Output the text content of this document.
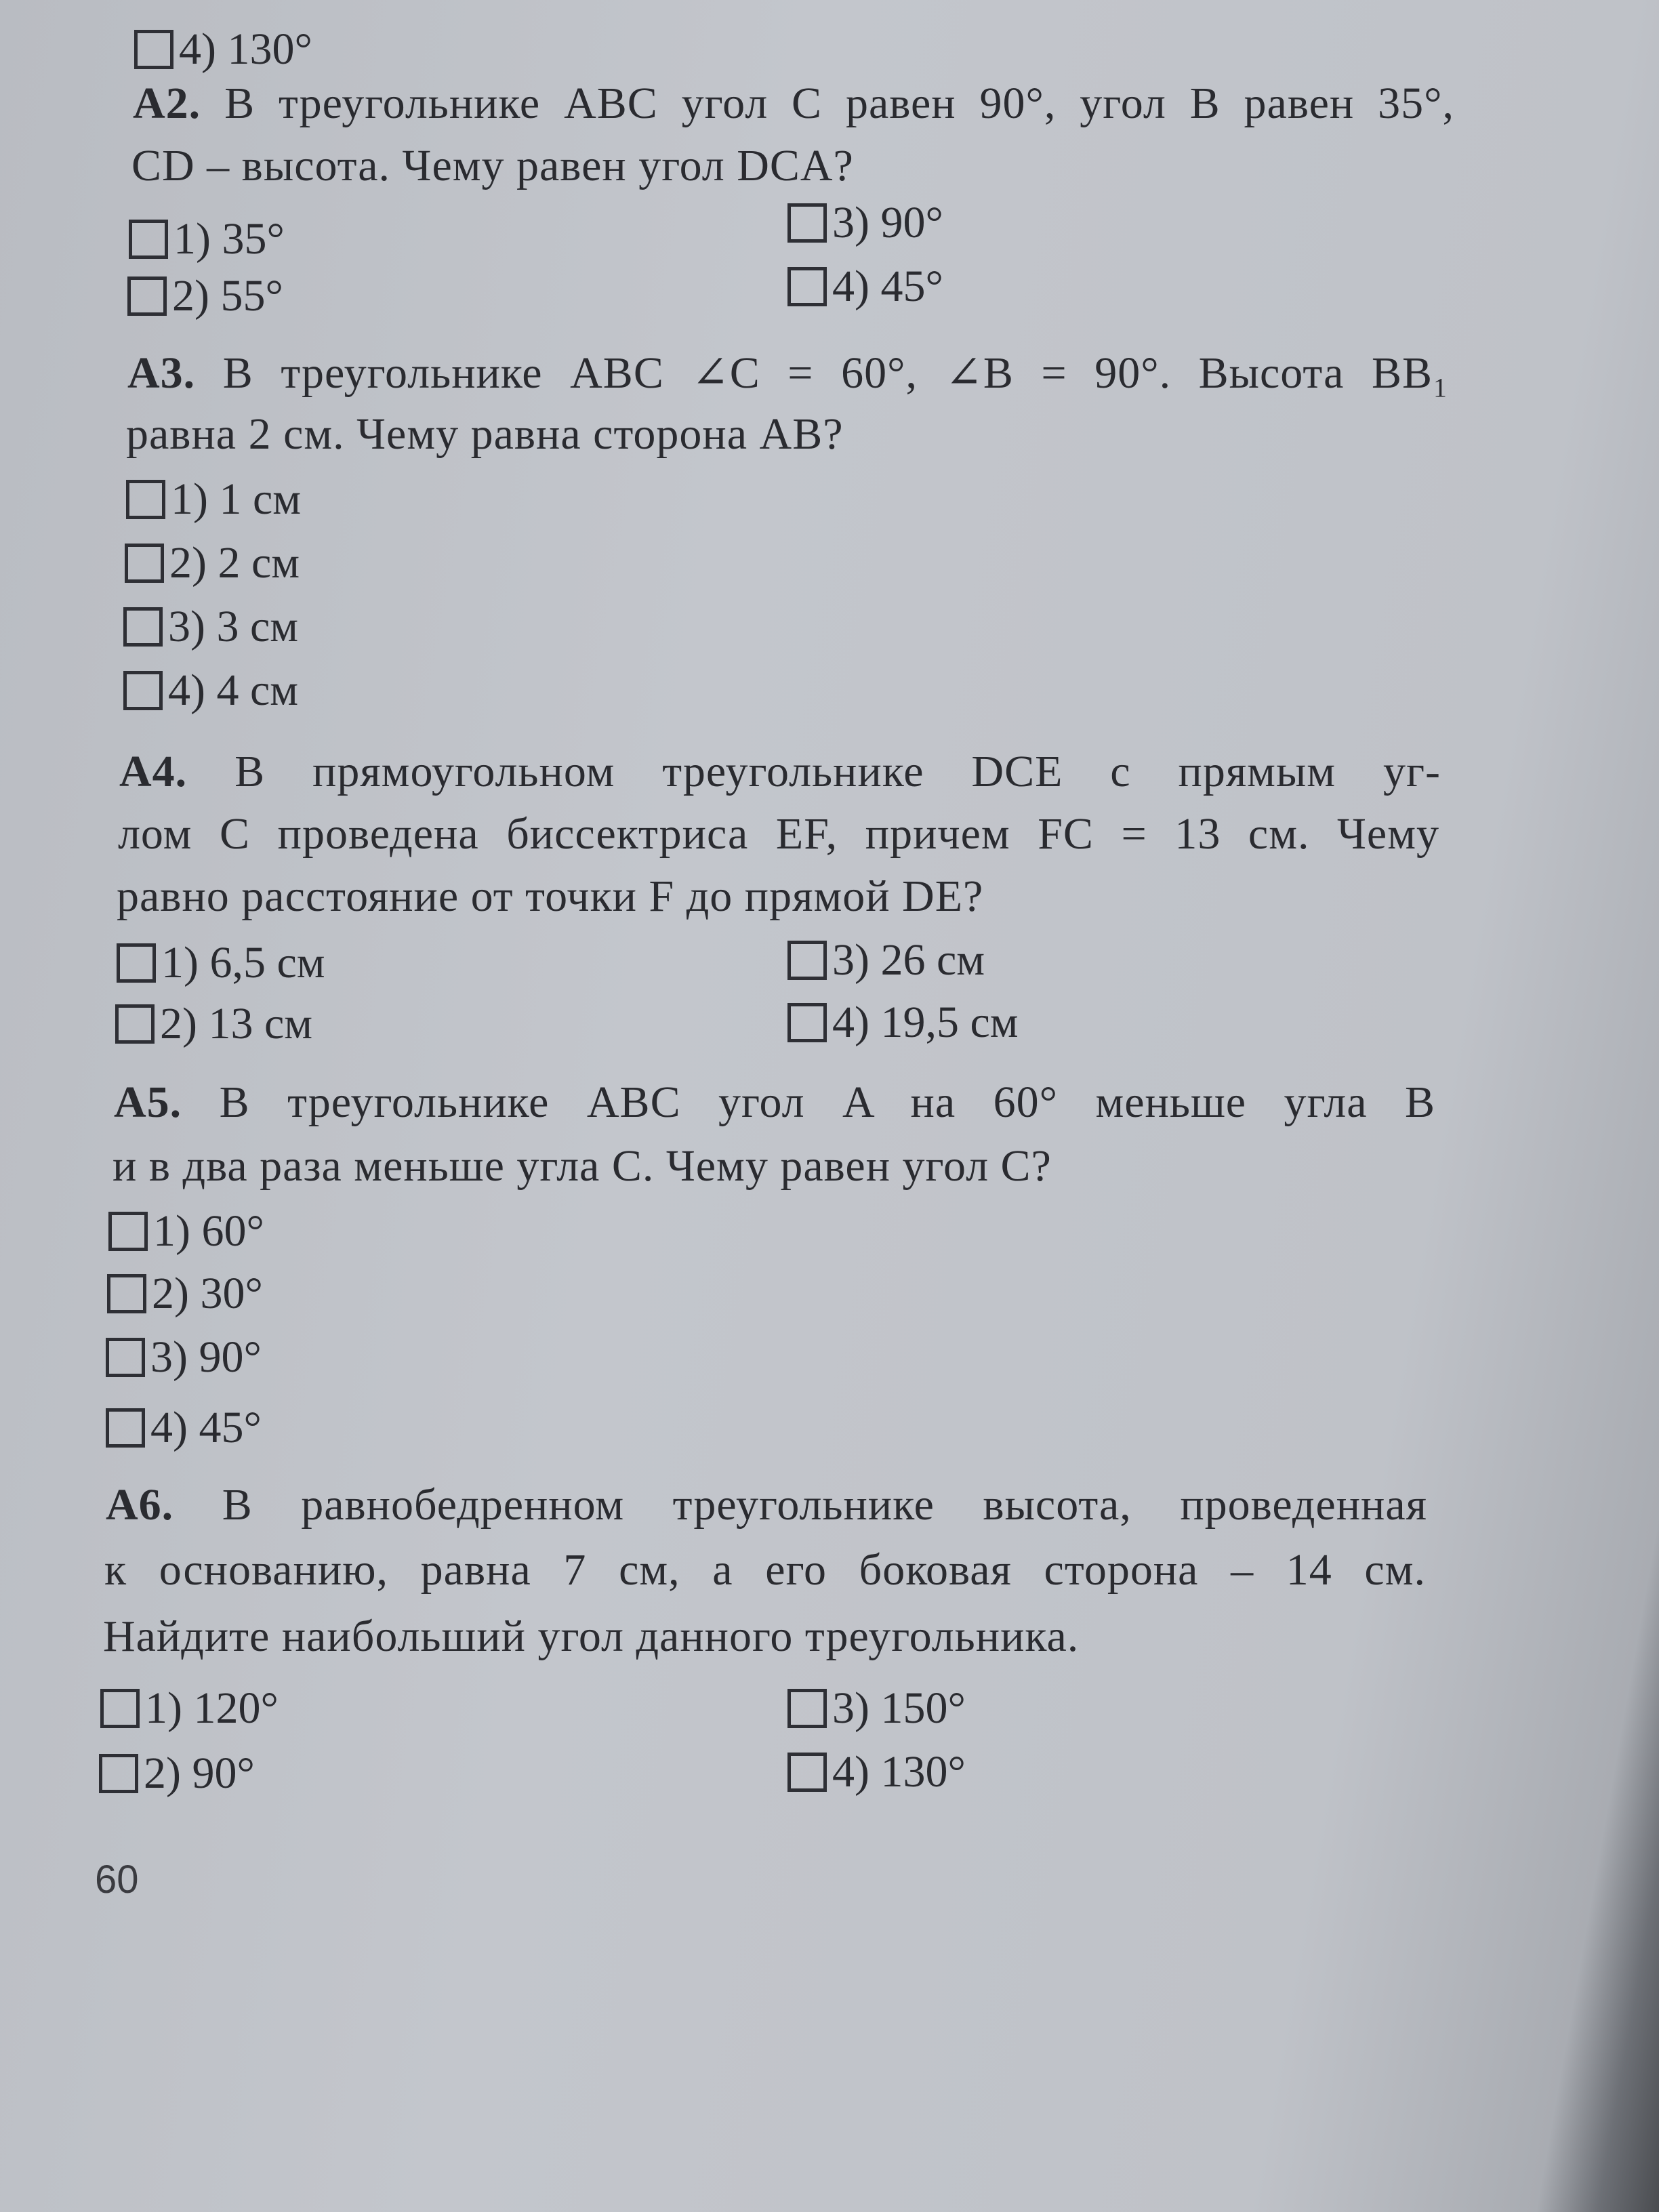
4) 130°
А2. В треугольнике ABC угол C равен 90°, угол B равен 35°,
CD – высота. Чему равен угол DCA?
1) 35°
2) 55°
3) 90°
4) 45°
А3. В треугольнике ABC ∠C = 60°, ∠B = 90°. Высота BB₁
равна 2 см. Чему равна сторона AB?
1) 1 см
2) 2 см
3) 3 см
4) 4 см
А4. В прямоугольном треугольнике DCE с прямым уг-
лом C проведена биссектриса EF, причем FC = 13 см. Чему
равно расстояние от точки F до прямой DE?
1) 6,5 см
2) 13 см
3) 26 см
4) 19,5 см
А5. В треугольнике ABC угол A на 60° меньше угла B
и в два раза меньше угла C. Чему равен угол C?
1) 60°
2) 30°
3) 90°
4) 45°
А6. В равнобедренном треугольнике высота, проведенная
к основанию, равна 7 см, а его боковая сторона – 14 см.
Найдите наибольший угол данного треугольника.
1) 120°
2) 90°
3) 150°
4) 130°
60
